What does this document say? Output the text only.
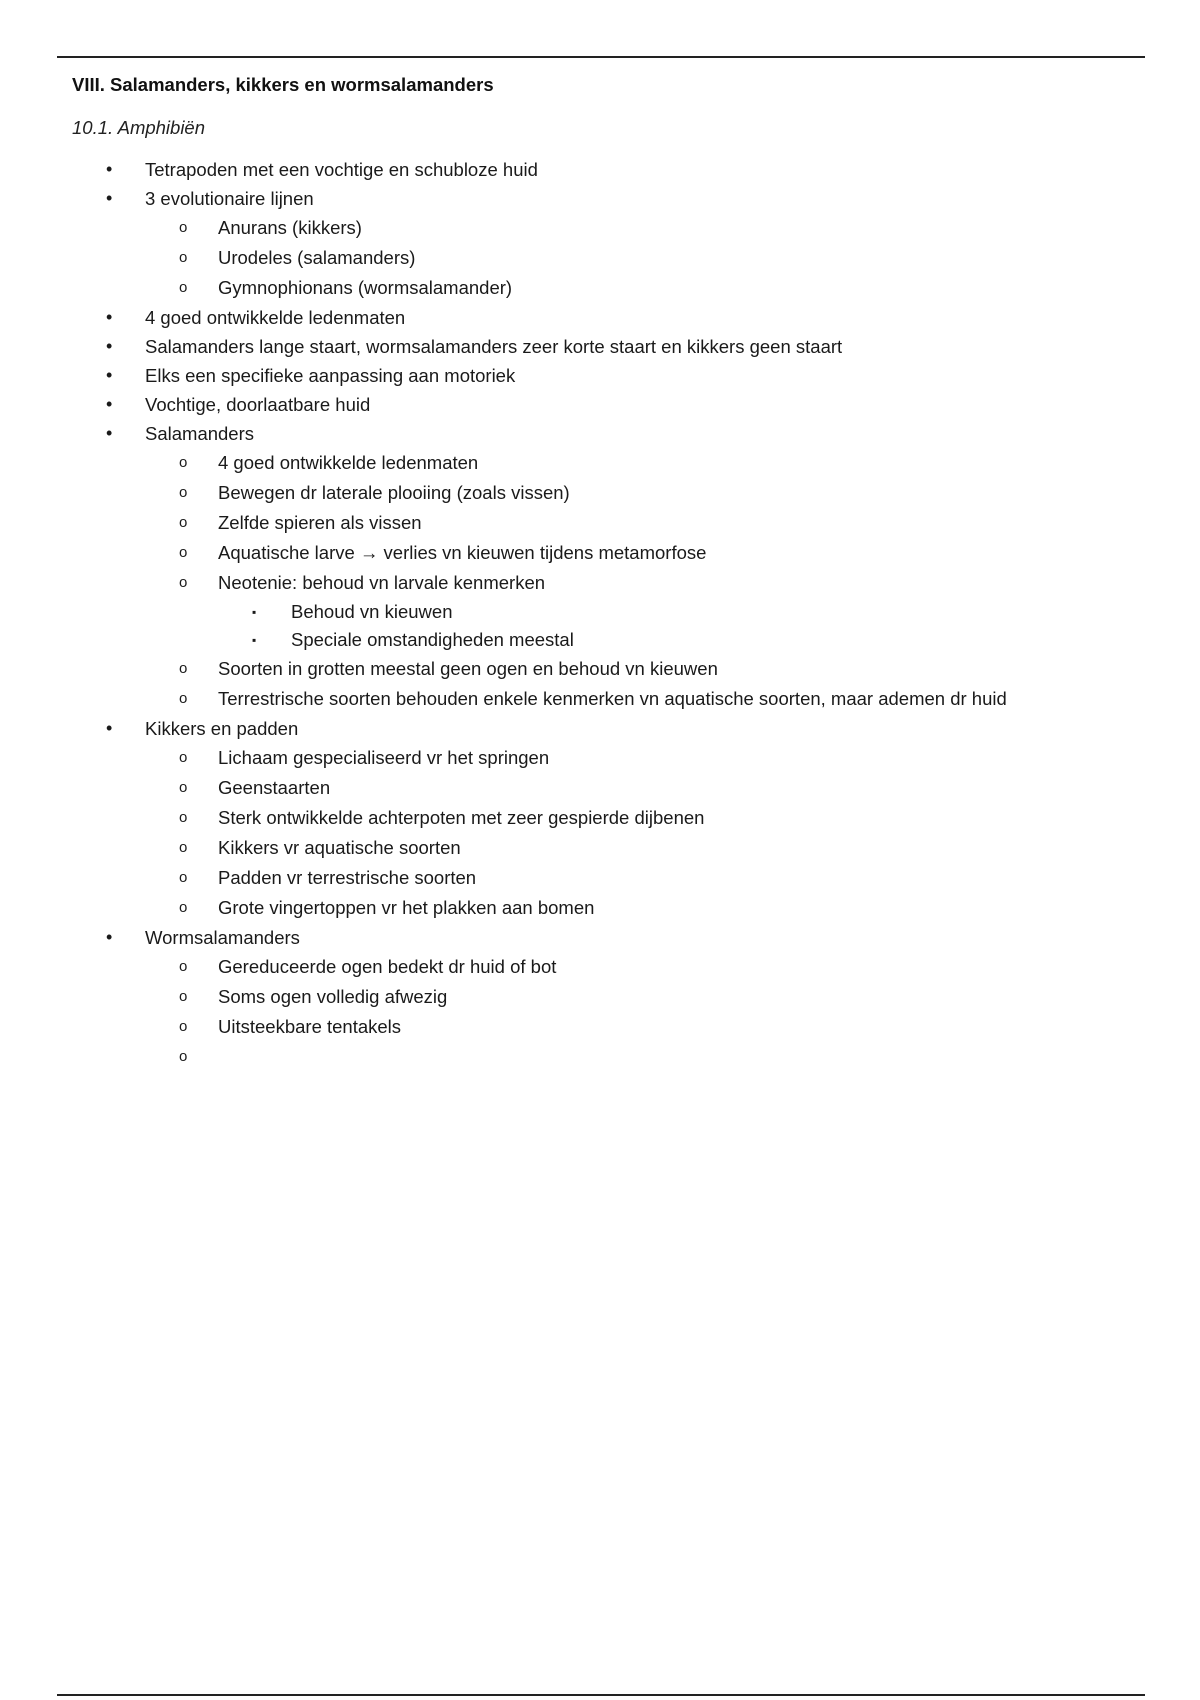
VIII. Salamanders, kikkers en wormsalamanders
10.1. Amphibiën
• Tetrapoden met een vochtige en schubloze huid
• 3 evolutionaire lijnen
o Anurans (kikkers)
o Urodeles (salamanders)
o Gymnophionans (wormsalamander)
• 4 goed ontwikkelde ledenmaten
• Salamanders lange staart, wormsalamanders zeer korte staart en kikkers geen staart
• Elks een specifieke aanpassing aan motoriek
• Vochtige, doorlaatbare huid
• Salamanders
o 4 goed ontwikkelde ledenmaten
o Bewegen dr laterale plooiing (zoals vissen)
o Zelfde spieren als vissen
o Aquatische larve → verlies vn kieuwen tijdens metamorfose
o Neotenie: behoud vn larvale kenmerken
▪ Behoud vn kieuwen
▪ Speciale omstandigheden meestal
o Soorten in grotten meestal geen ogen en behoud vn kieuwen
o Terrestrische soorten behouden enkele kenmerken vn aquatische soorten, maar ademen dr huid
• Kikkers en padden
o Lichaam gespecialiseerd vr het springen
o Geenstaarten
o Sterk ontwikkelde achterpoten met zeer gespierde dijbenen
o Kikkers vr aquatische soorten
o Padden vr terrestrische soorten
o Grote vingertoppen vr het plakken aan bomen
• Wormsalamanders
o Gereduceerde ogen bedekt dr huid of bot
o Soms ogen volledig afwezig
o Uitsteekbare tentakels
o
